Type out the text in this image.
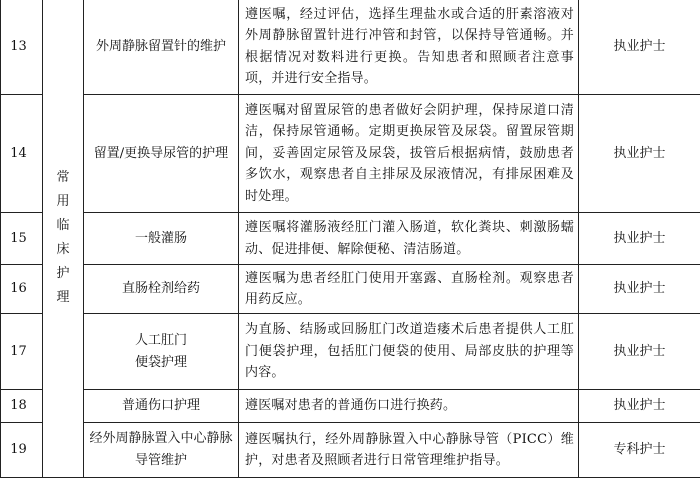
13	常用临床护理	外周静脉留置针的维护	遵医嘱，经过评估，选择生理盐水或合适的肝素溶液对外周静脉留置针进行冲管和封管，以保持导管通畅。并根据情况对数料进行更换。告知患者和照顾者注意事项，并进行安全指导。	执业护士
14		留置/更换导尿管的护理	遵医嘱对留置尿管的患者做好会阴护理，保持尿道口清洁，保持尿管通畅。定期更换尿管及尿袋。留置尿管期间，妥善固定尿管及尿袋，拔管后根据病情，鼓励患者多饮水，观察患者自主排尿及尿液情况，有排尿困难及时处理。	执业护士
15		一般灌肠	遵医嘱将灌肠液经肛门灌入肠道，软化粪块、刺激肠蠕动、促进排便、解除便秘、清洁肠道。	执业护士
16		直肠栓剂给药	遵医嘱为患者经肛门使用开塞露、直肠栓剂。观察患者用药反应。	执业护士
17		人工肛门
便袋护理	为直肠、结肠或回肠肛门改道造瘘术后患者提供人工肛门便袋护理，包括肛门便袋的使用、局部皮肤的护理等内容。	执业护士
18		普通伤口护理	遵医嘱对患者的普通伤口进行换药。	执业护士
19		经外周静脉置入中心静脉
导管维护	遵医嘱执行，经外周静脉置入中心静脉导管（PICC）维护，对患者及照顾者进行日常管理维护指导。	专科护士
